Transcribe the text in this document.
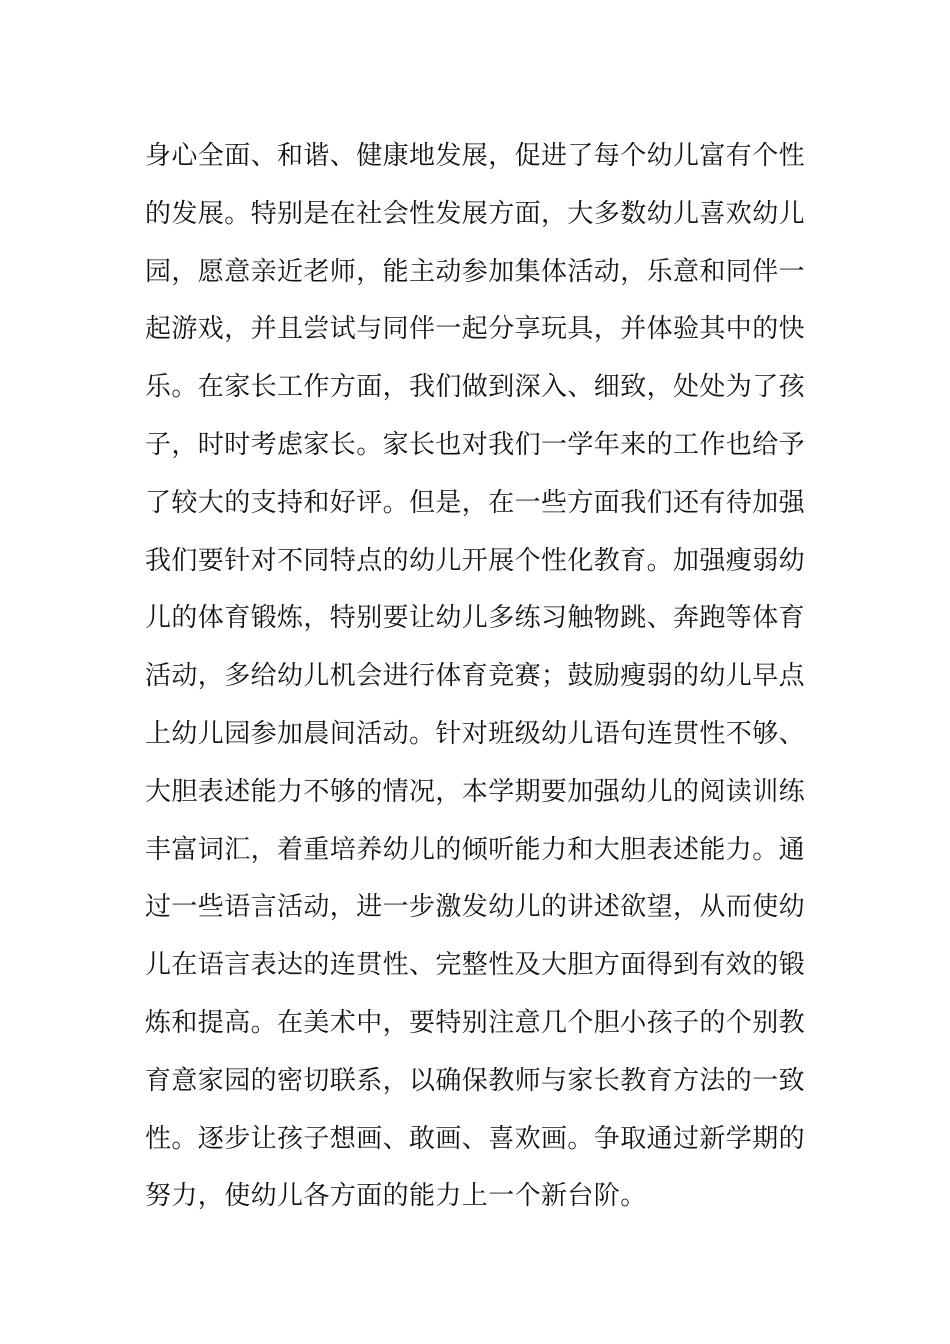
身心全面、和谐、健康地发展，促进了每个幼儿富有个性
的发展。特别是在社会性发展方面，大多数幼儿喜欢幼儿
园，愿意亲近老师，能主动参加集体活动，乐意和同伴一
起游戏，并且尝试与同伴一起分享玩具，并体验其中的快
乐。在家长工作方面，我们做到深入、细致，处处为了孩
子，时时考虑家长。家长也对我们一学年来的工作也给予
了较大的支持和好评。但是，在一些方面我们还有待加强
我们要针对不同特点的幼儿开展个性化教育。加强瘦弱幼
儿的体育锻炼，特别要让幼儿多练习触物跳、奔跑等体育
活动，多给幼儿机会进行体育竞赛；鼓励瘦弱的幼儿早点
上幼儿园参加晨间活动。针对班级幼儿语句连贯性不够、
大胆表述能力不够的情况，本学期要加强幼儿的阅读训练
丰富词汇，着重培养幼儿的倾听能力和大胆表述能力。通
过一些语言活动，进一步激发幼儿的讲述欲望，从而使幼
儿在语言表达的连贯性、完整性及大胆方面得到有效的锻
炼和提高。在美术中，要特别注意几个胆小孩子的个别教
育意家园的密切联系，以确保教师与家长教育方法的一致
性。逐步让孩子想画、敢画、喜欢画。争取通过新学期的
努力，使幼儿各方面的能力上一个新台阶。
